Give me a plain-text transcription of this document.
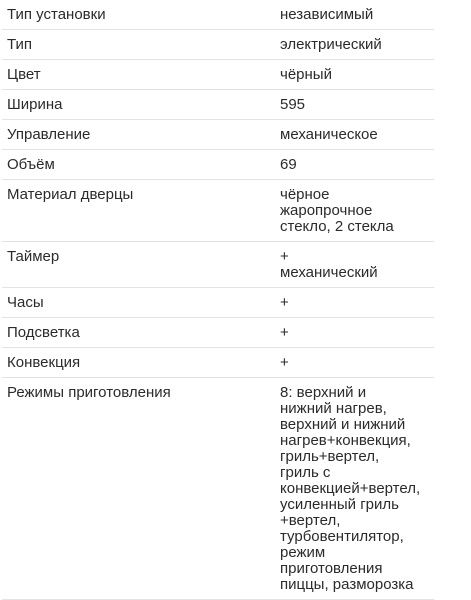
Тип установки	независимый
Тип	электрический
Цвет	чёрный
Ширина	595
Управление	механическое
Объём	69
Материал дверцы	чёрное
жаропрочное
стекло, 2 стекла
Таймер	+
механический
Часы	+
Подсветка	+
Конвекция	+
Режимы приготовления	8: верхний и
нижний нагрев,
верхний и нижний
нагрев+конвекция,
гриль+вертел,
гриль с
конвекцией+вертел,
усиленный гриль
+вертел,
турбовентилятор,
режим
приготовления
пиццы, разморозка
